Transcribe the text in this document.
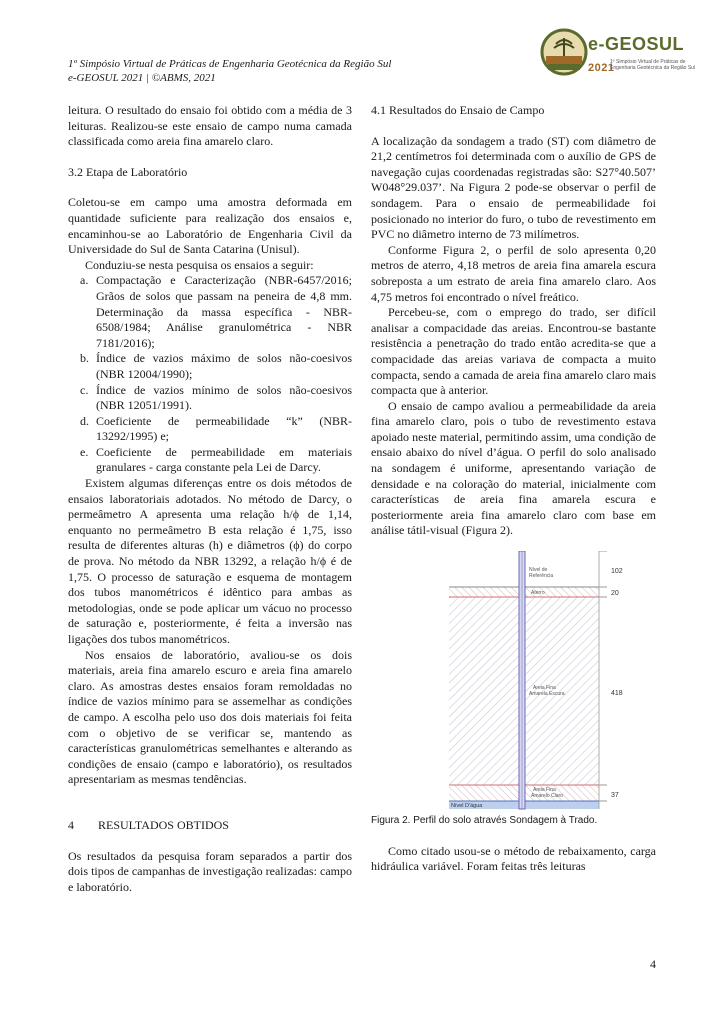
1º Simpósio Virtual de Práticas de Engenharia Geotécnica da Região Sul
e-GEOSUL 2021 | ©ABMS, 2021
e-GEOSUL 2021
1º Simpósio Virtual de Práticas de
Engenharia Geotécnica da Região Sul

leitura. O resultado do ensaio foi obtido com a média de 3 leituras. Realizou-se este ensaio de campo numa camada classificada como areia fina amarelo claro.

3.2 Etapa de Laboratório

Coletou-se em campo uma amostra deformada em quantidade suficiente para realização dos ensaios e, encaminhou-se ao Laboratório de Engenharia Civil da Universidade do Sul de Santa Catarina (Unisul).

Conduziu-se nesta pesquisa os ensaios a seguir:

a. Compactação e Caracterização (NBR-6457/2016; Grãos de solos que passam na peneira de 4,8 mm. Determinação da massa específica - NBR-6508/1984; Análise granulométrica - NBR 7181/2016);
b. Índice de vazios máximo de solos não-coesivos (NBR 12004/1990);
c. Índice de vazios mínimo de solos não-coesivos (NBR 12051/1991).
d. Coeficiente de permeabilidade “k” (NBR-13292/1995) e;
e. Coeficiente de permeabilidade em materiais granulares - carga constante pela Lei de Darcy.

Existem algumas diferenças entre os dois métodos de ensaios laboratoriais adotados. No método de Darcy, o permeâmetro A apresenta uma relação h/ϕ de 1,14, enquanto no permeâmetro B esta relação é 1,75, isso resulta de diferentes alturas (h) e diâmetros (ϕ) do corpo de prova. No método da NBR 13292, a relação h/ϕ é de 1,75. O processo de saturação e esquema de montagem dos tubos manométricos é idêntico para ambas as metodologias, onde se pode aplicar um vácuo no processo de saturação e, posteriormente, é feita a inversão nas ligações dos tubos manométricos.

Nos ensaios de laboratório, avaliou-se os dois materiais, areia fina amarelo escuro e areia fina amarelo claro. As amostras destes ensaios foram remoldadas no índice de vazios mínimo para se assemelhar as condições de campo. A escolha pelo uso dos dois materiais foi feita com o objetivo de se verificar se, mantendo as características granulométricas semelhantes e alterando as condições de ensaio (campo e laboratório), os resultados apresentariam as mesmas tendências.

4        RESULTADOS OBTIDOS

Os resultados da pesquisa foram separados a partir dos dois tipos de campanhas de investigação realizadas: campo e laboratório.

4.1 Resultados do Ensaio de Campo

A localização da sondagem a trado (ST) com diâmetro de 21,2 centímetros foi determinada com o auxílio de GPS de navegação cujas coordenadas registradas são: S27°40.507’ W048°29.037’. Na Figura 2 pode-se observar o perfil de sondagem. Para o ensaio de permeabilidade foi posicionado no interior do furo, o tubo de revestimento em PVC no diâmetro interno de 73 milímetros.

Conforme Figura 2, o perfil de solo apresenta 0,20 metros de aterro, 4,18 metros de areia fina amarela escura sobreposta a um estrato de areia fina amarelo claro. Aos 4,75 metros foi encontrado o nível freático.

Percebeu-se, com o emprego do trado, ser difícil analisar a compacidade das areias. Encontrou-se bastante resistência a penetração do trado então acredita-se que a compacidade das areias variava de compacta a muito compacta, sendo a camada de areia fina amarelo claro mais compacta que à anterior.

O ensaio de campo avaliou a permeabilidade da areia fina amarelo claro, pois o tubo de revestimento estava apoiado neste material, permitindo assim, uma condição de ensaio abaixo do nível d’água. O perfil do solo analisado na sondagem é uniforme, apresentando variação de densidade e na coloração do material, inicialmente com características de areia fina amarela escura e posteriormente areia fina amarelo claro com base em análise tátil-visual (Figura 2).

Nível de
Referência
Aterro
Areia Fina
Amarela Escura
Areia Fina
Amarelo Claro
Nível D'água
102
20
418
37
Figura 2. Perfil do solo através Sondagem à Trado.

Como citado usou-se o método de rebaixamento, carga hidráulica variável. Foram feitas três leituras

4
